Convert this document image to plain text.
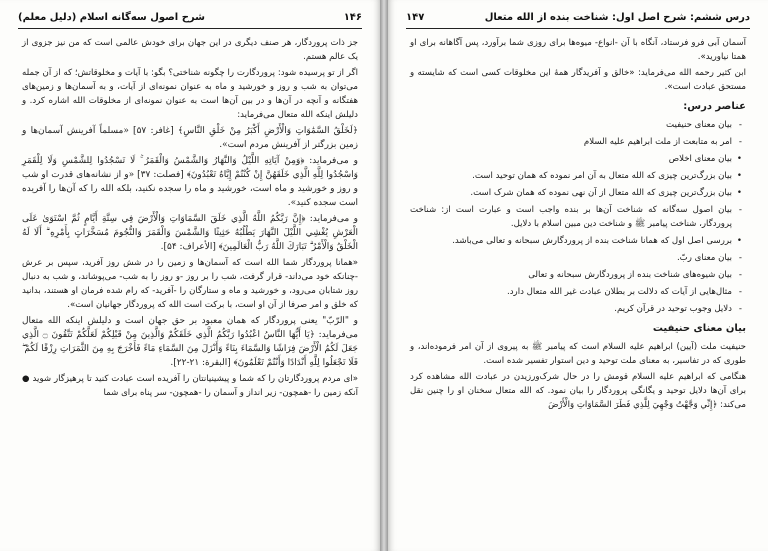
شرح اصول سه‌گانه اسلام (دلیل معلم)	۱۴۶

جز ذات پروردگار، هر صنف دیگری در این جهان برای خودش عالمی است که من نیز جزوی از یک عالم هستم.

اگر از تو پرسیده شود: پروردگارت را چگونه شناختی؟ بگو: با آیات و مخلوقاتش؛ که از آن جمله می‌توان به شب و روز و خورشید و ماه به عنوان نمونه‌ای از آیات، و به آسمان‌ها و زمین‌های هفتگانه و آنچه در آن‌ها و در بین آن‌ها است به عنوان نمونه‌ای از مخلوقات الله اشاره کرد. و دلیلش اینکه الله متعال می‌فرماید:

﴿لَخَلْقُ السَّمَٰوَاتِ وَالْأَرْضِ أَكْبَرُ مِنْ خَلْقِ النَّاسِ﴾ [غافر: ۵۷] «مسلماً آفرینش آسمان‌ها و زمین بزرگتر از آفرینش مردم است».

و می‌فرماید: ﴿وَمِنْ آيَاتِهِ اللَّيْلُ وَالنَّهَارُ وَالشَّمْسُ وَالْقَمَرُ ۚ لَا تَسْجُدُوا لِلشَّمْسِ وَلَا لِلْقَمَرِ وَاسْجُدُوا لِلَّهِ الَّذِي خَلَقَهُنَّ إِنْ كُنْتُمْ إِيَّاهُ تَعْبُدُونَ﴾ [فصلت: ۳۷] «و از نشانه‌های قدرت او شب و روز و خورشید و ماه است، خورشید و ماه را سجده نکنید، بلکه الله را که آن‌ها را آفریده است سجده کنید».

و می‌فرماید: ﴿إِنَّ رَبَّكُمُ اللَّهُ الَّذِي خَلَقَ السَّمَاوَاتِ وَالْأَرْضَ فِي سِتَّةِ أَيَّامٍ ثُمَّ اسْتَوَىٰ عَلَى الْعَرْشِ يُغْشِي اللَّيْلَ النَّهَارَ يَطْلُبُهُ حَثِيثًا وَالشَّمْسَ وَالْقَمَرَ وَالنُّجُومَ مُسَخَّرَاتٍ بِأَمْرِهِ ۗ أَلَا لَهُ الْخَلْقُ وَالْأَمْرُ ۗ تَبَارَكَ اللَّهُ رَبُّ الْعَالَمِينَ﴾ [الأعراف: ۵۴].

«همانا پروردگار شما الله است که آسمان‌ها و زمین را در شش روز آفرید، سپس بر عرش -چنانکه خود می‌داند- قرار گرفت، شب را بر روز -و روز را به شب- می‌پوشاند، و شب به دنبال روز شتابان می‌رود، و خورشید و ماه و ستارگان را -آفرید- که رام شده فرمان او هستند، بدانید که خلق و امر صرفا از آن او است، با برکت است الله که پروردگار جهانیان است».

و "الرّبّ" یعنی پروردگار که همان معبود بر حق جهان است و دلیلش اینکه الله متعال می‌فرماید: ﴿يَا أَيُّهَا النَّاسُ اعْبُدُوا رَبَّكُمُ الَّذِي خَلَقَكُمْ وَالَّذِينَ مِنْ قَبْلِكُمْ لَعَلَّكُمْ تَتَّقُونَ ۝ الَّذِي جَعَلَ لَكُمُ الْأَرْضَ فِرَاشًا وَالسَّمَاءَ بِنَاءً وَأَنْزَلَ مِنَ السَّمَاءِ مَاءً فَأَخْرَجَ بِهِ مِنَ الثَّمَرَاتِ رِزْقًا لَكُمْ ۖ فَلَا تَجْعَلُوا لِلَّهِ أَنْدَادًا وَأَنْتُمْ تَعْلَمُونَ﴾ [البقرة: ۲۱-۲۲].

«ای مردم پروردگارتان را که شما و پیشینیانتان را آفریده است عبادت کنید تا پرهیزگار شوید ● آنکه زمین را -همچون- زیر انداز و آسمان را -همچون- سر پناه برای شما

درس ششم: شرح اصل اول: شناخت بنده از الله متعال
۱۴۷

آسمان آبی فرو فرستاد، آنگاه با آن -انواع- میوه‌ها برای روزی شما برآورد، پس آگاهانه برای او همتا نیاورید».

ابن کثیر رحمه الله می‌فرماید: «خالق و آفریدگار همهٔ این مخلوقات کسی است که شایسته و مستحق عبادت است».

عناصر درس:
- بیان معنای حنیفیت
- امر به متابعت از ملت ابراهیم علیه السلام
• بیان معنای اخلاص
• بیان بزرگ‌ترین چیزی که الله متعال به آن امر نموده که همان توحید است.
• بیان بزرگ‌ترین چیزی که الله متعال از آن نهی نموده که همان شرک است.
- بیان اصول سه‌گانه که شناخت آن‌ها بر بنده واجب است و عبارت است از: شناخت پروردگار، شناخت پیامبر ﷺ و شناخت دین مبین اسلام با دلایل.
• بررسی اصل اول که همانا شناخت بنده از پروردگارش سبحانه و تعالی می‌باشد.
- بیان معنای ربّ.
- بیان شیوه‌های شناخت بنده از پروردگارش سبحانه و تعالی
- مثال‌هایی از آیات که دلالت بر بطلان عبادت غیر الله متعال دارد.
- دلایل وجوب توحید در قرآن کریم.
بیان معنای حنیفیت

حنیفیت ملت (آیین) ابراهیم علیه السلام است که پیامبر ﷺ به پیروی از آن امر فرموده‌اند، و طوری که در تفاسیر، به معنای ملت توحید و دین استوار تفسیر شده است.

هنگامی که ابراهیم علیه السلام قومش را در حال شرک‌ورزیدن در عبادت الله مشاهده کرد برای آن‌ها دلایل توحید و یگانگی پروردگار را بیان نمود. که الله متعال سخنان او را چنین نقل می‌کند: ﴿إِنِّي وَجَّهْتُ وَجْهِيَ لِلَّذِي فَطَرَ السَّمَاوَاتِ وَالْأَرْضَ
